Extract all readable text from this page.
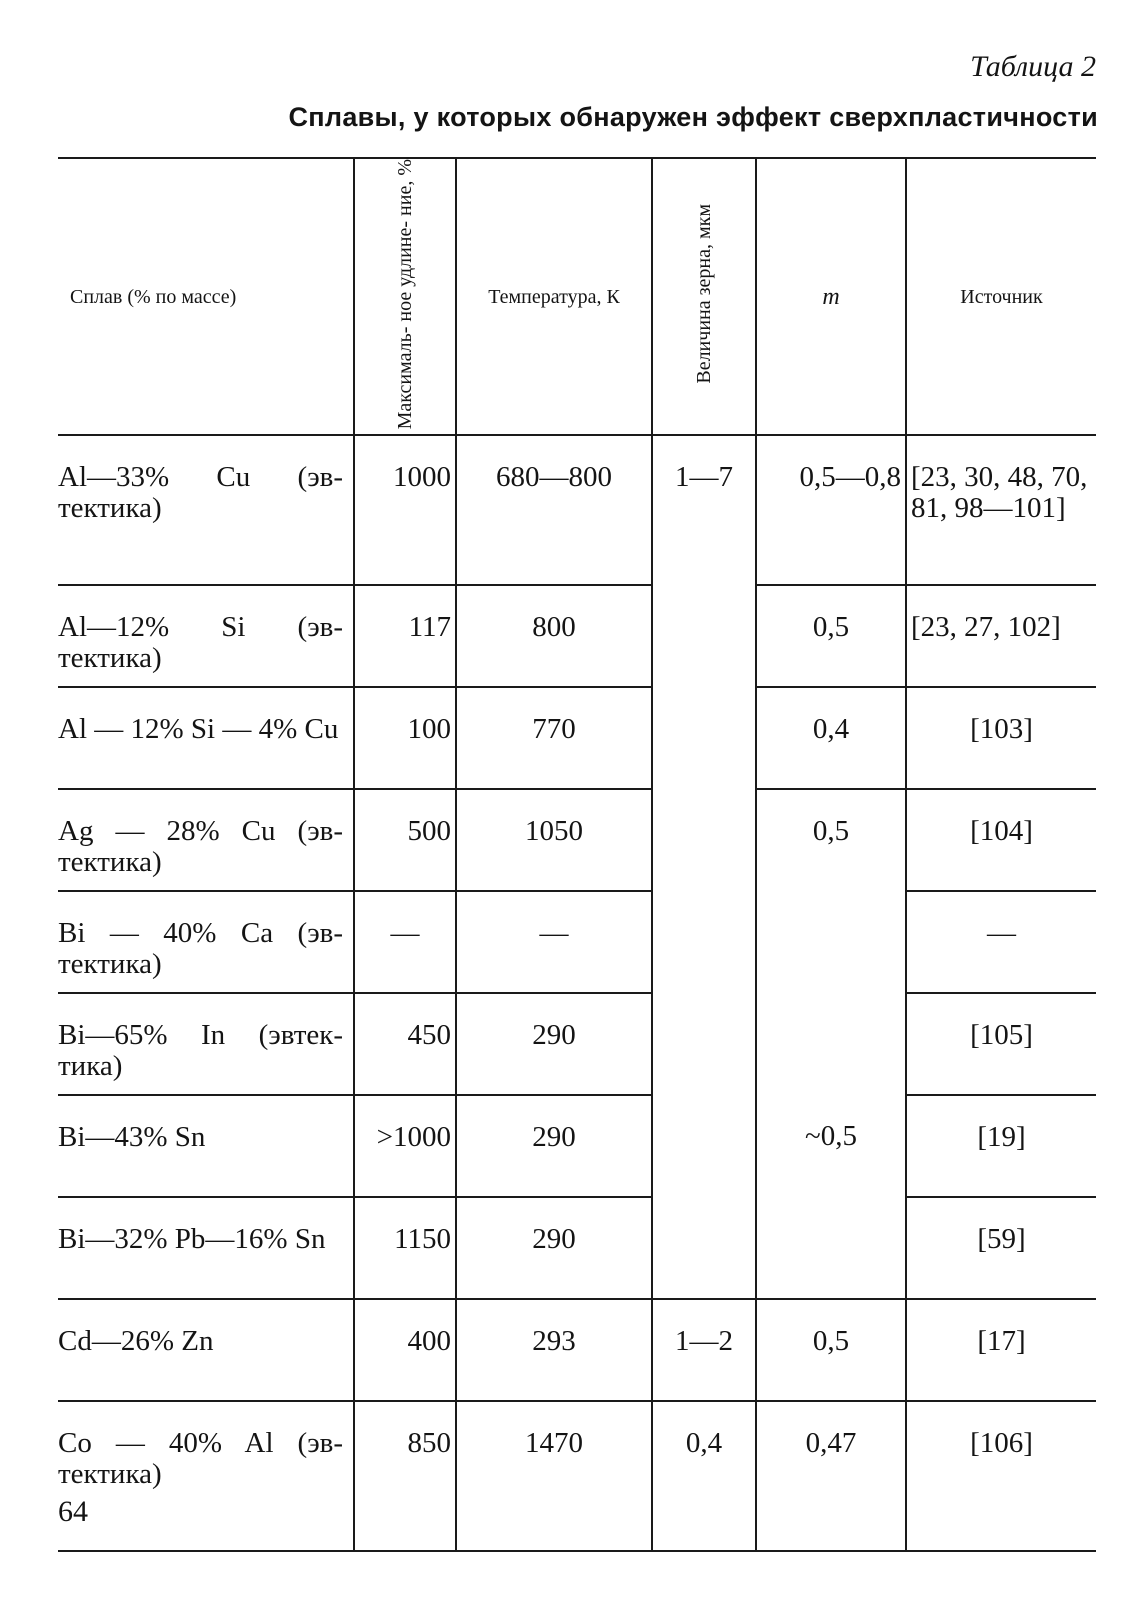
Таблица 2
Сплавы, у которых обнаружен эффект сверхпластичности
Сплав (% по массе)	Максималь- ное удлине- ние, %	Температура, К	Величина зерна, мкм	m	Источник

Al—33% Cu (эв- тектика)	1000	680—800	1—7	0,5—0,8	[23, 30, 48, 70, 81, 98—101]

Al—12% Si (эв- тектика)	117	800		0,5	[23, 27, 102]

Al — 12% Si — 4% Cu	100	770		0,4	[103]

Ag — 28% Cu (эв- тектика)	500	1050		0,5	[104]

Bi — 40% Ca (эв- тектика)	—	—			—

Bi—65% In (эвтек- тика)	450	290			[105]

Bi—43% Sn	>1000	290		~0,5	[19]

Bi—32% Pb—16% Sn	1150	290			[59]

Cd—26% Zn	400	293	1—2	0,5	[17]

Co — 40% Al (эв- тектика)	850	1470	0,4	0,47	[106]
64
